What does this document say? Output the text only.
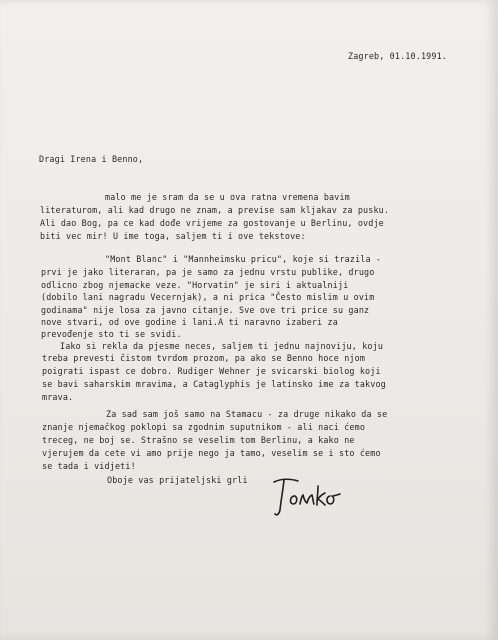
Zagreb, 01.10.1991.
Dragi Irena i Benno,
malo me je sram da se u ova ratna vremena bavim
literaturom, ali kad drugo ne znam, a previse sam kljakav za pusku.
Ali dao Bog, pa ce kad dođe vrijeme za gostovanje u Berlinu, ovdje
biti vec mir! U ime toga, saljem ti i ove tekstove:
"Mont Blanc" i "Mannheimsku pricu", koje si trazila -
prvi je jako literaran, pa je samo za jednu vrstu publike, drugo
odlicno zbog njemacke veze. "Horvatin" je siri i aktualniji
(dobilo lani nagradu Vecernjak), a ni prica "Često mislim u ovim
godinama" nije losa za javno citanje. Sve ove tri price su ganz
nove stvari, od ove godine i lani.A ti naravno izaberi za
prevođenje sto ti se svidi.
Iako si rekla da pjesme neces, saljem ti jednu najnoviju, koju
treba prevesti čistom tvrdom prozom, pa ako se Benno hoce njom
poigrati ispast ce dobro. Rudiger Wehner je svicarski biolog koji
se bavi saharskim mravima, a Cataglyphis je latinsko ime za takvog
mrava.
Za sad sam još samo na Stamacu - za druge nikako da se
znanje njemačkog poklopi sa zgodnim suputnikom - ali naci ćemo
treceg, ne boj se. Strašno se veselim tom Berlinu, a kako ne
vjerujem da cete vi amo prije nego ja tamo, veselim se i sto ćemo
se tada i vidjeti!
Oboje vas prijateljski grli
